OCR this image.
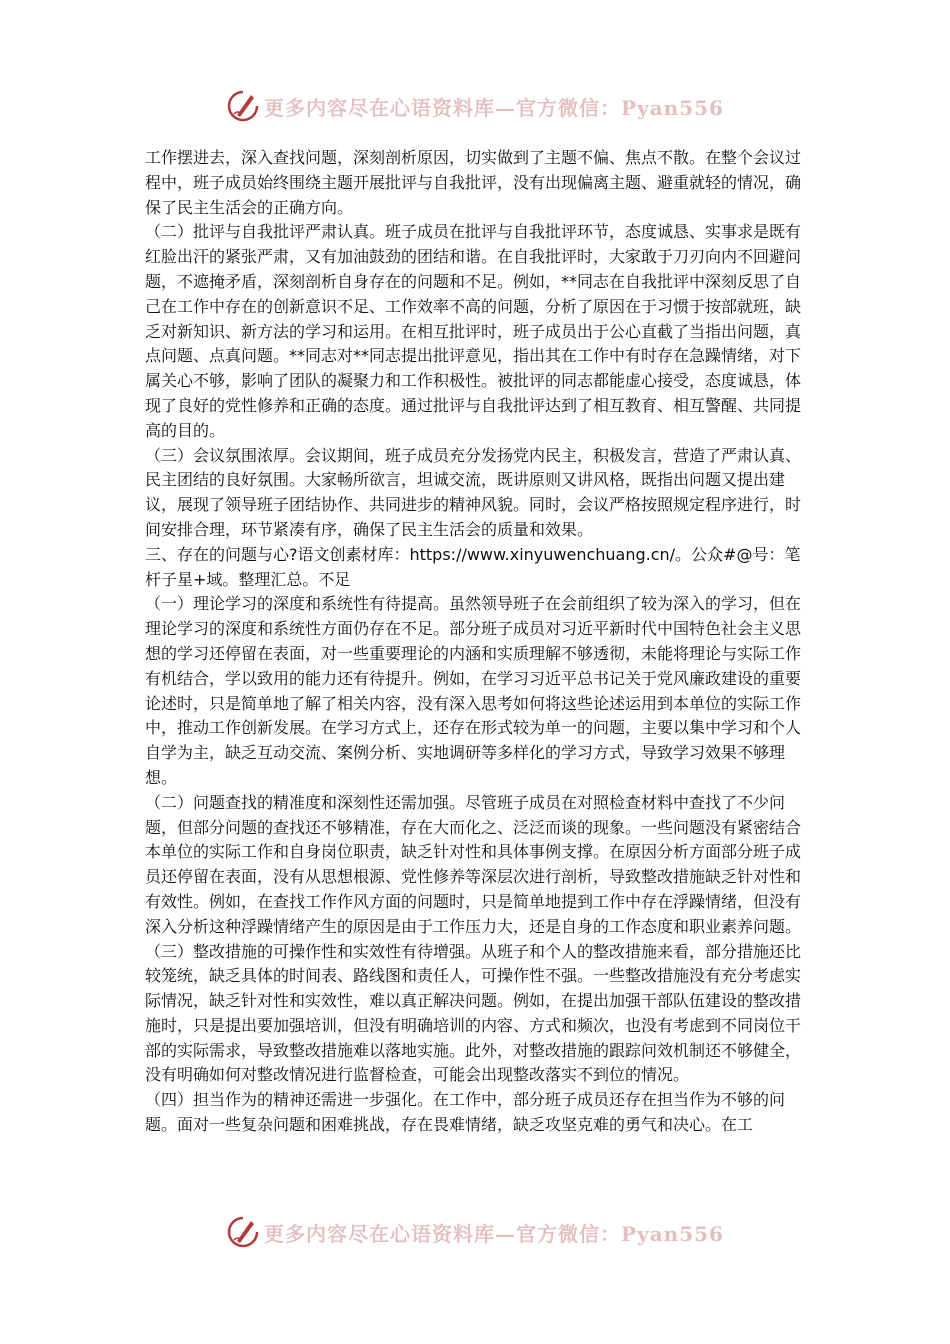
更多内容尽在心语资料库—官方微信：Pyan556

工作摆进去，深入查找问题，深刻剖析原因，切实做到了主题不偏、焦点不散。在整个会议过程中，班子成员始终围绕主题开展批评与自我批评，没有出现偏离主题、避重就轻的情况，确保了民主生活会的正确方向。

（二）批评与自我批评严肃认真。班子成员在批评与自我批评环节，态度诚恳、实事求是既有红脸出汗的紧张严肃，又有加油鼓劲的团结和谐。在自我批评时，大家敢于刀刃向内不回避问题，不遮掩矛盾，深刻剖析自身存在的问题和不足。例如，**同志在自我批评中深刻反思了自己在工作中存在的创新意识不足、工作效率不高的问题，分析了原因在于习惯于按部就班，缺乏对新知识、新方法的学习和运用。在相互批评时，班子成员出于公心直截了当指出问题，真点问题、点真问题。**同志对**同志提出批评意见，指出其在工作中有时存在急躁情绪，对下属关心不够，影响了团队的凝聚力和工作积极性。被批评的同志都能虚心接受，态度诚恳，体现了良好的党性修养和正确的态度。通过批评与自我批评达到了相互教育、相互警醒、共同提高的目的。

（三）会议氛围浓厚。会议期间，班子成员充分发扬党内民主，积极发言，营造了严肃认真、民主团结的良好氛围。大家畅所欲言，坦诚交流，既讲原则又讲风格，既指出问题又提出建议，展现了领导班子团结协作、共同进步的精神风貌。同时，会议严格按照规定程序进行，时间安排合理，环节紧凑有序，确保了民主生活会的质量和效果。

三、存在的问题与心?语文创素材库：https://www.xinyuwenchuang.cn/。公众#@号：笔杆子星+域。整理汇总。不足

（一）理论学习的深度和系统性有待提高。虽然领导班子在会前组织了较为深入的学习，但在理论学习的深度和系统性方面仍存在不足。部分班子成员对习近平新时代中国特色社会主义思想的学习还停留在表面，对一些重要理论的内涵和实质理解不够透彻，未能将理论与实际工作有机结合，学以致用的能力还有待提升。例如，在学习习近平总书记关于党风廉政建设的重要论述时，只是简单地了解了相关内容，没有深入思考如何将这些论述运用到本单位的实际工作中，推动工作创新发展。在学习方式上，还存在形式较为单一的问题，主要以集中学习和个人自学为主，缺乏互动交流、案例分析、实地调研等多样化的学习方式，导致学习效果不够理想。

（二）问题查找的精准度和深刻性还需加强。尽管班子成员在对照检查材料中查找了不少问题，但部分问题的查找还不够精准，存在大而化之、泛泛而谈的现象。一些问题没有紧密结合本单位的实际工作和自身岗位职责，缺乏针对性和具体事例支撑。在原因分析方面部分班子成员还停留在表面，没有从思想根源、党性修养等深层次进行剖析，导致整改措施缺乏针对性和有效性。例如，在查找工作作风方面的问题时，只是简单地提到工作中存在浮躁情绪，但没有深入分析这种浮躁情绪产生的原因是由于工作压力大，还是自身的工作态度和职业素养问题。

（三）整改措施的可操作性和实效性有待增强。从班子和个人的整改措施来看，部分措施还比较笼统，缺乏具体的时间表、路线图和责任人，可操作性不强。一些整改措施没有充分考虑实际情况，缺乏针对性和实效性，难以真正解决问题。例如，在提出加强干部队伍建设的整改措施时，只是提出要加强培训，但没有明确培训的内容、方式和频次，也没有考虑到不同岗位干部的实际需求，导致整改措施难以落地实施。此外，对整改措施的跟踪问效机制还不够健全，没有明确如何对整改情况进行监督检查，可能会出现整改落实不到位的情况。

（四）担当作为的精神还需进一步强化。在工作中，部分班子成员还存在担当作为不够的问题。面对一些复杂问题和困难挑战，存在畏难情绪，缺乏攻坚克难的勇气和决心。在工

更多内容尽在心语资料库—官方微信：Pyan556
